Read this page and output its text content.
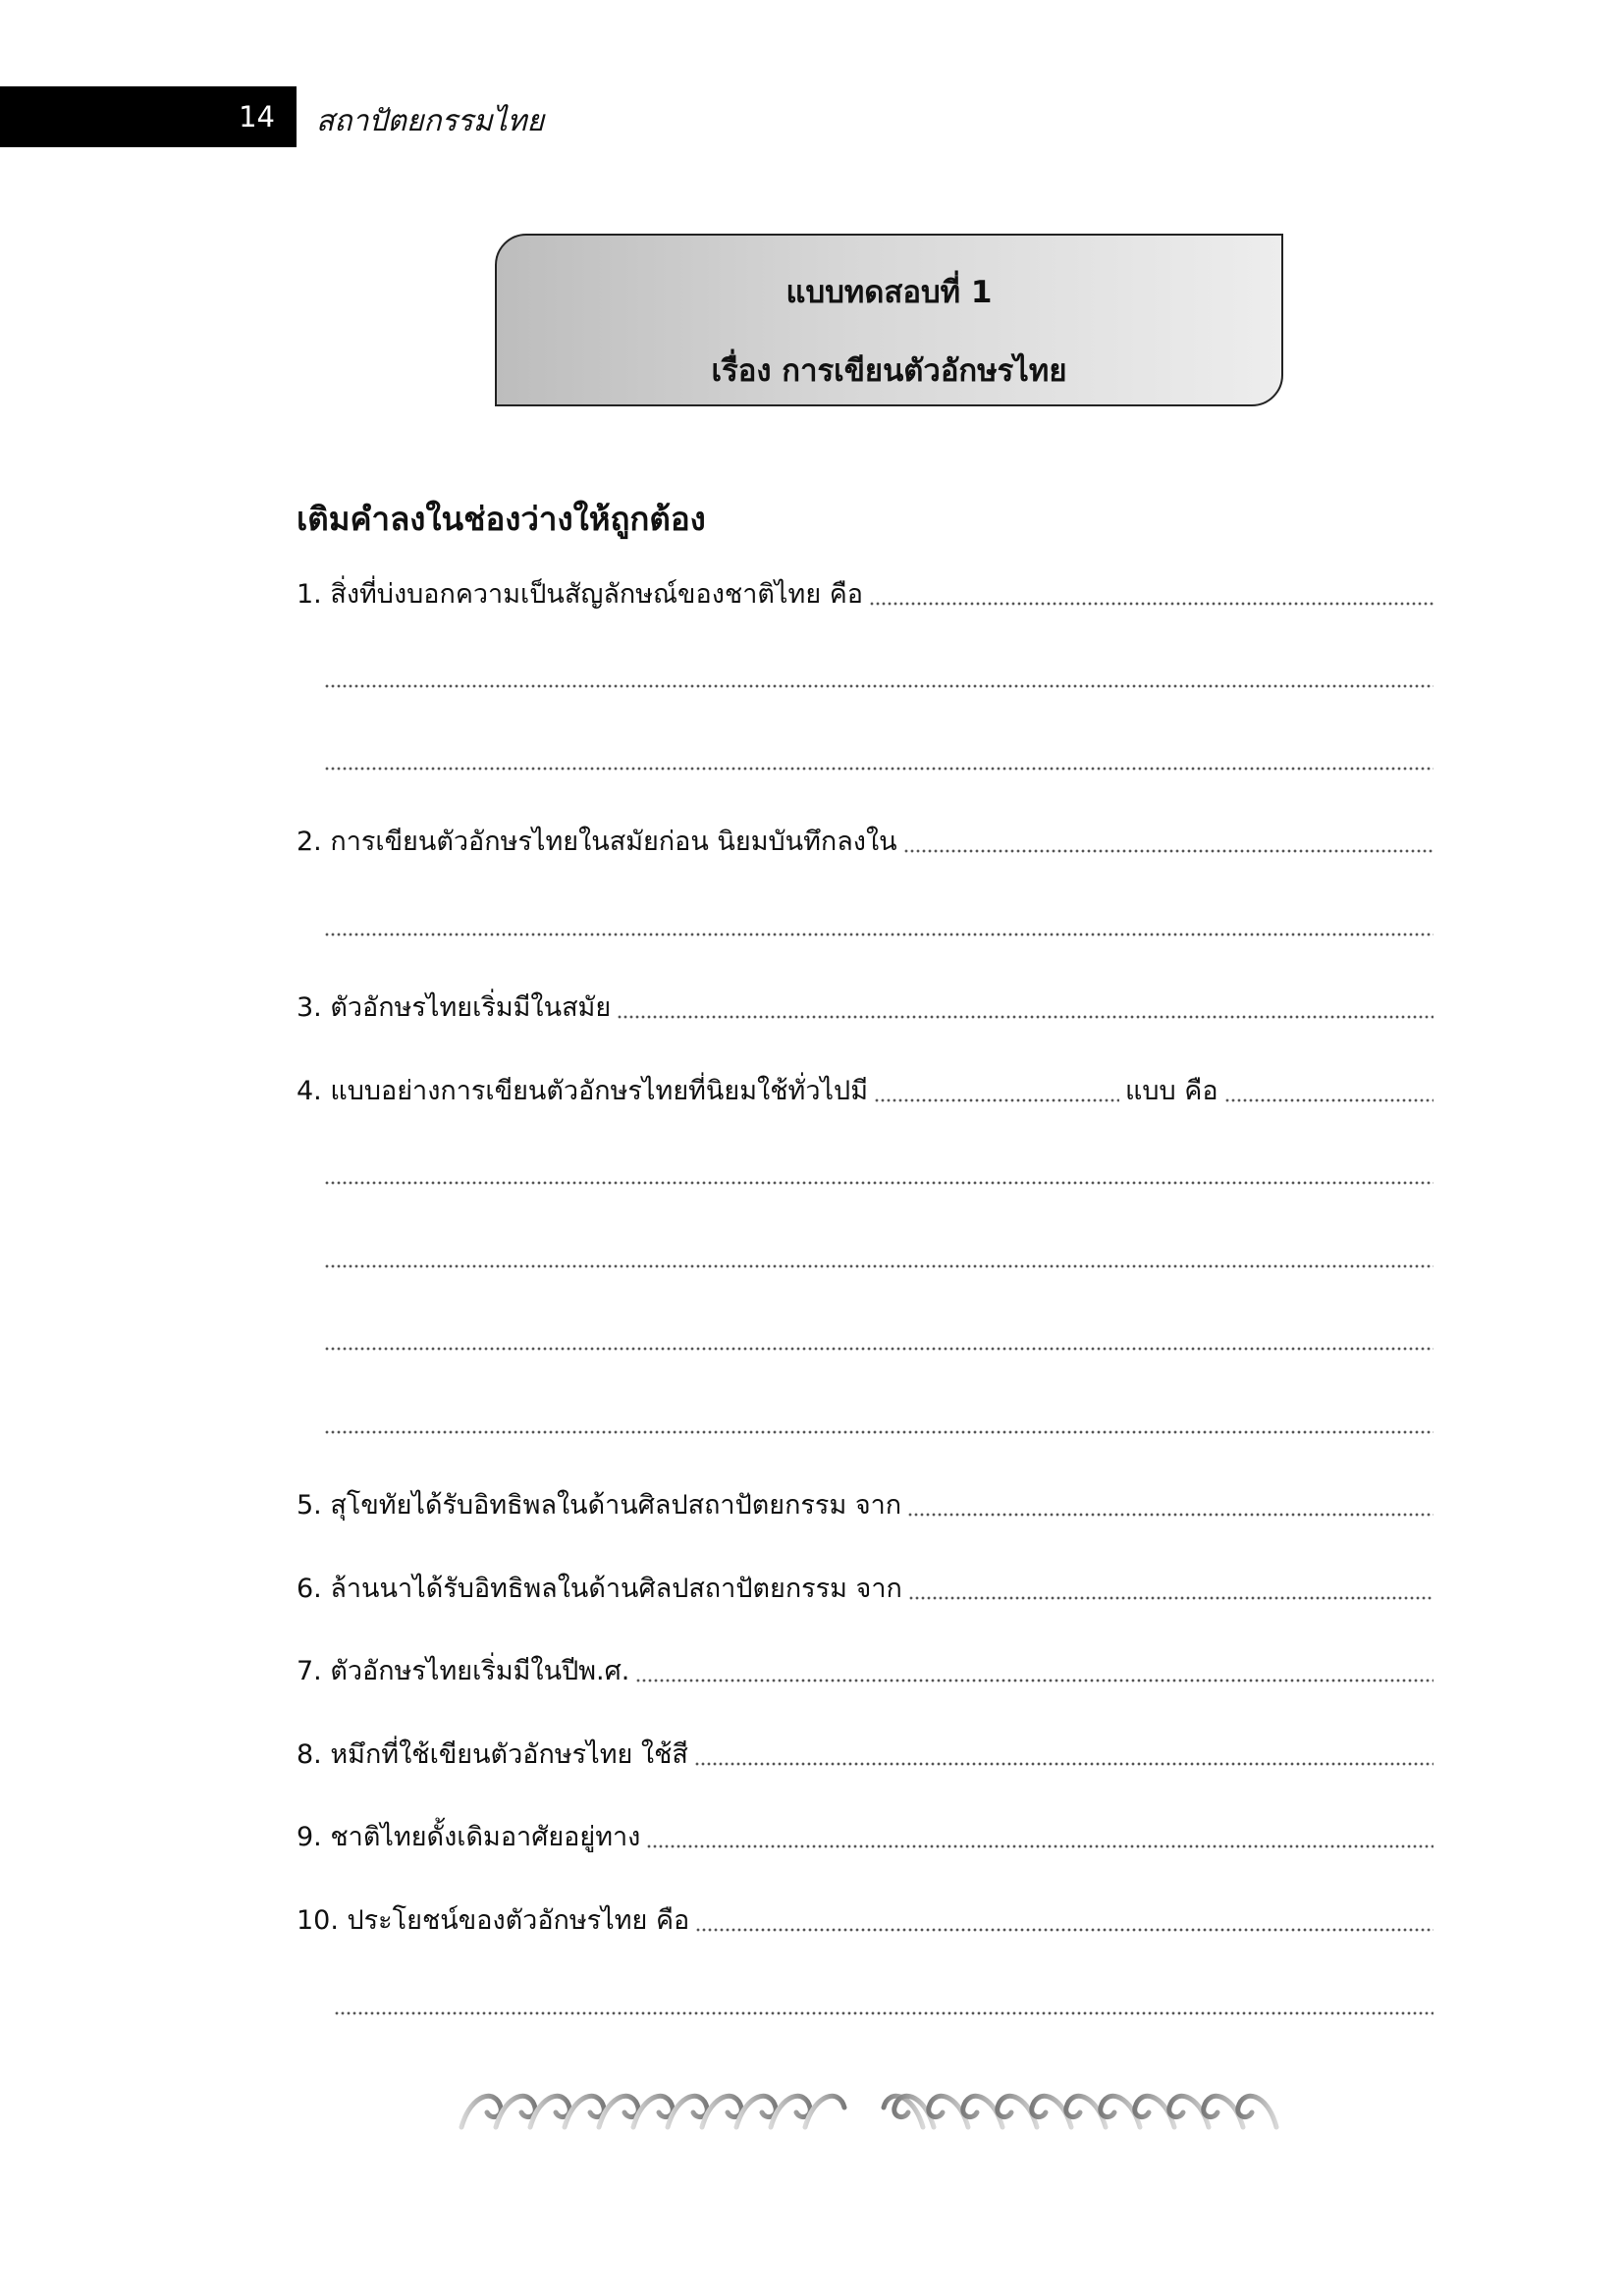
14 สถาปัตยกรรมไทย
แบบทดสอบที่ 1
เรื่อง การเขียนตัวอักษรไทย
เติมคำลงในช่องว่างให้ถูกต้อง
1. สิ่งที่บ่งบอกความเป็นสัญลักษณ์ของชาติไทย คือ
2. การเขียนตัวอักษรไทยในสมัยก่อน นิยมบันทึกลงใน
3. ตัวอักษรไทยเริ่มมีในสมัย
4. แบบอย่างการเขียนตัวอักษรไทยที่นิยมใช้ทั่วไปมี	แบบ คือ
5. สุโขทัยได้รับอิทธิพลในด้านศิลปสถาปัตยกรรม จาก
6. ล้านนาได้รับอิทธิพลในด้านศิลปสถาปัตยกรรม จาก
7. ตัวอักษรไทยเริ่มมีในปีพ.ศ.
8. หมึกที่ใช้เขียนตัวอักษรไทย ใช้สี
9. ชาติไทยดั้งเดิมอาศัยอยู่ทาง
10. ประโยชน์ของตัวอักษรไทย คือ
